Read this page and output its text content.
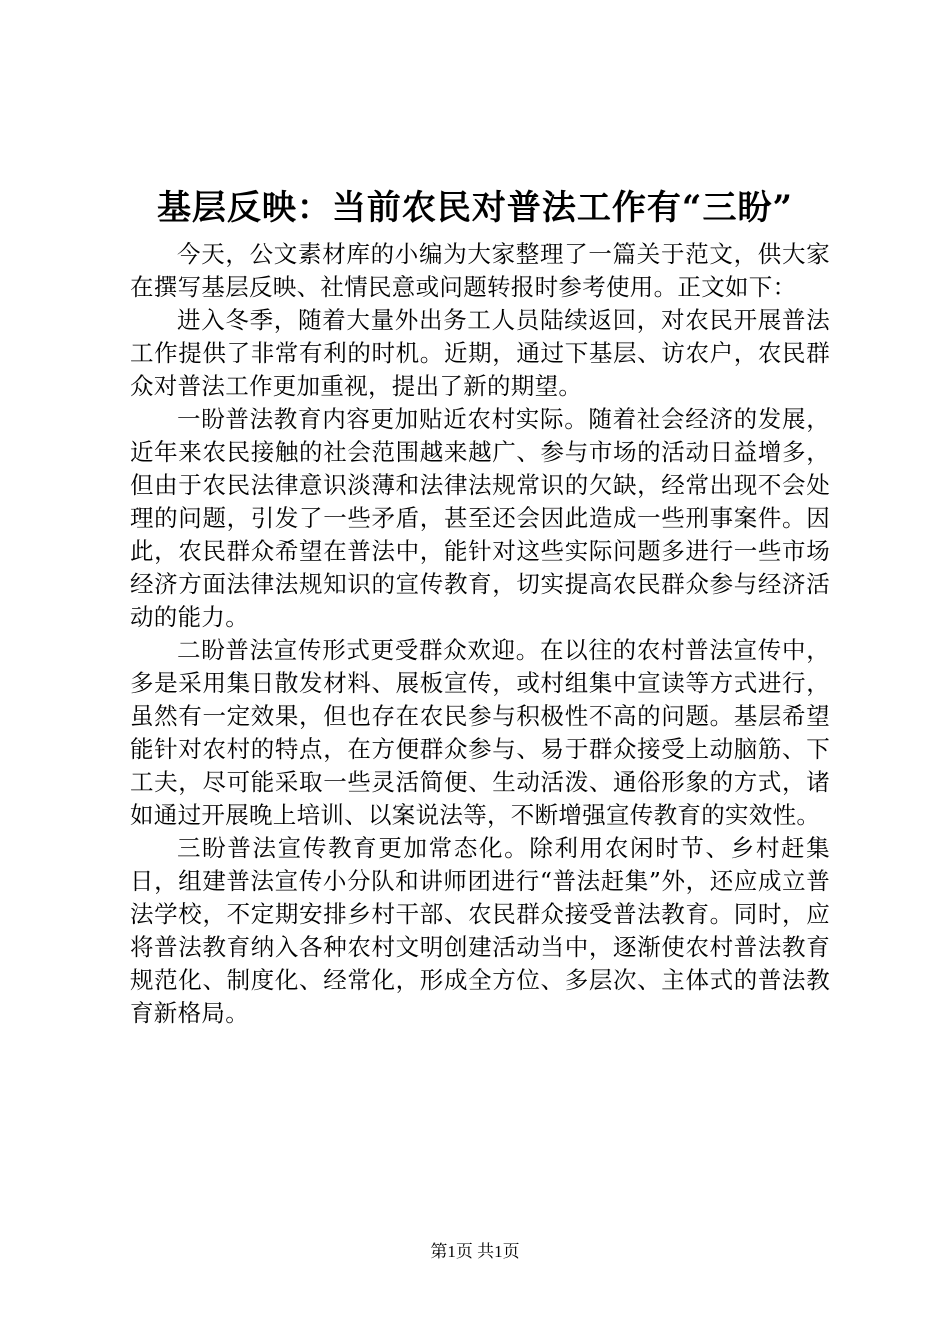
基层反映：当前农民对普法工作有“三盼”

今天，公文素材库的小编为大家整理了一篇关于范文，供大家在撰写基层反映、社情民意或问题转报时参考使用。正文如下：

进入冬季，随着大量外出务工人员陆续返回，对农民开展普法工作提供了非常有利的时机。近期，通过下基层、访农户，农民群众对普法工作更加重视，提出了新的期望。

一盼普法教育内容更加贴近农村实际。随着社会经济的发展，近年来农民接触的社会范围越来越广、参与市场的活动日益增多，但由于农民法律意识淡薄和法律法规常识的欠缺，经常出现不会处理的问题，引发了一些矛盾，甚至还会因此造成一些刑事案件。因此，农民群众希望在普法中，能针对这些实际问题多进行一些市场经济方面法律法规知识的宣传教育，切实提高农民群众参与经济活动的能力。

二盼普法宣传形式更受群众欢迎。在以往的农村普法宣传中，多是采用集日散发材料、展板宣传，或村组集中宣读等方式进行，虽然有一定效果，但也存在农民参与积极性不高的问题。基层希望能针对农村的特点，在方便群众参与、易于群众接受上动脑筋、下工夫，尽可能采取一些灵活简便、生动活泼、通俗形象的方式，诸如通过开展晚上培训、以案说法等，不断增强宣传教育的实效性。

三盼普法宣传教育更加常态化。除利用农闲时节、乡村赶集日，组建普法宣传小分队和讲师团进行“普法赶集”外，还应成立普法学校，不定期安排乡村干部、农民群众接受普法教育。同时，应将普法教育纳入各种农村文明创建活动当中，逐渐使农村普法教育规范化、制度化、经常化，形成全方位、多层次、主体式的普法教育新格局。

第1页 共1页
